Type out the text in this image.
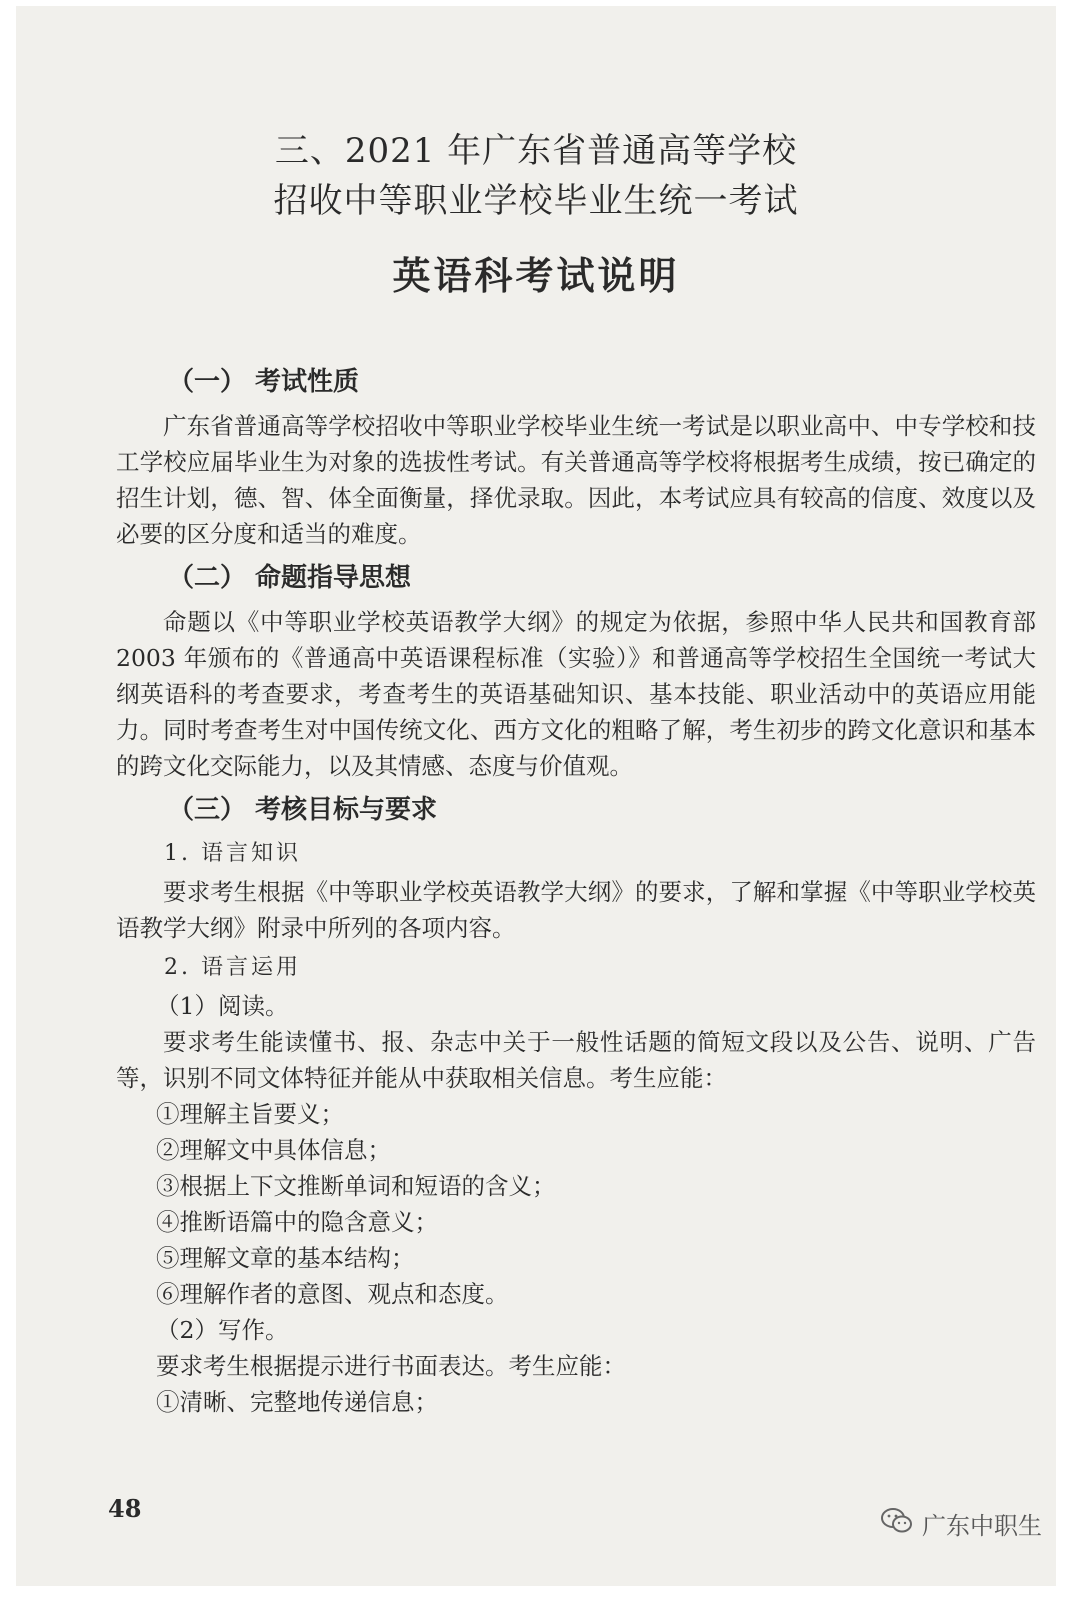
三、2021 年广东省普通高等学校
招收中等职业学校毕业生统一考试
英语科考试说明
（一） 考试性质

广东省普通高等学校招收中等职业学校毕业生统一考试是以职业高中、中专学校和技工学校应届毕业生为对象的选拔性考试。有关普通高等学校将根据考生成绩，按已确定的招生计划，德、智、体全面衡量，择优录取。因此，本考试应具有较高的信度、效度以及必要的区分度和适当的难度。

（二） 命题指导思想

命题以《中等职业学校英语教学大纲》的规定为依据，参照中华人民共和国教育部 2003 年颁布的《普通高中英语课程标准（实验）》和普通高等学校招生全国统一考试大纲英语科的考查要求，考查考生的英语基础知识、基本技能、职业活动中的英语应用能力。同时考查考生对中国传统文化、西方文化的粗略了解，考生初步的跨文化意识和基本的跨文化交际能力，以及其情感、态度与价值观。

（三） 考核目标与要求
1. 语言知识

要求考生根据《中等职业学校英语教学大纲》的要求，了解和掌握《中等职业学校英语教学大纲》附录中所列的各项内容。

2. 语言运用
（1）阅读。

要求考生能读懂书、报、杂志中关于一般性话题的简短文段以及公告、说明、广告等，识别不同文体特征并能从中获取相关信息。考生应能：

①理解主旨要义；
②理解文中具体信息；
③根据上下文推断单词和短语的含义；
④推断语篇中的隐含意义；
⑤理解文章的基本结构；
⑥理解作者的意图、观点和态度。
（2）写作。
要求考生根据提示进行书面表达。考生应能：
①清晰、完整地传递信息；
48
广东中职生
